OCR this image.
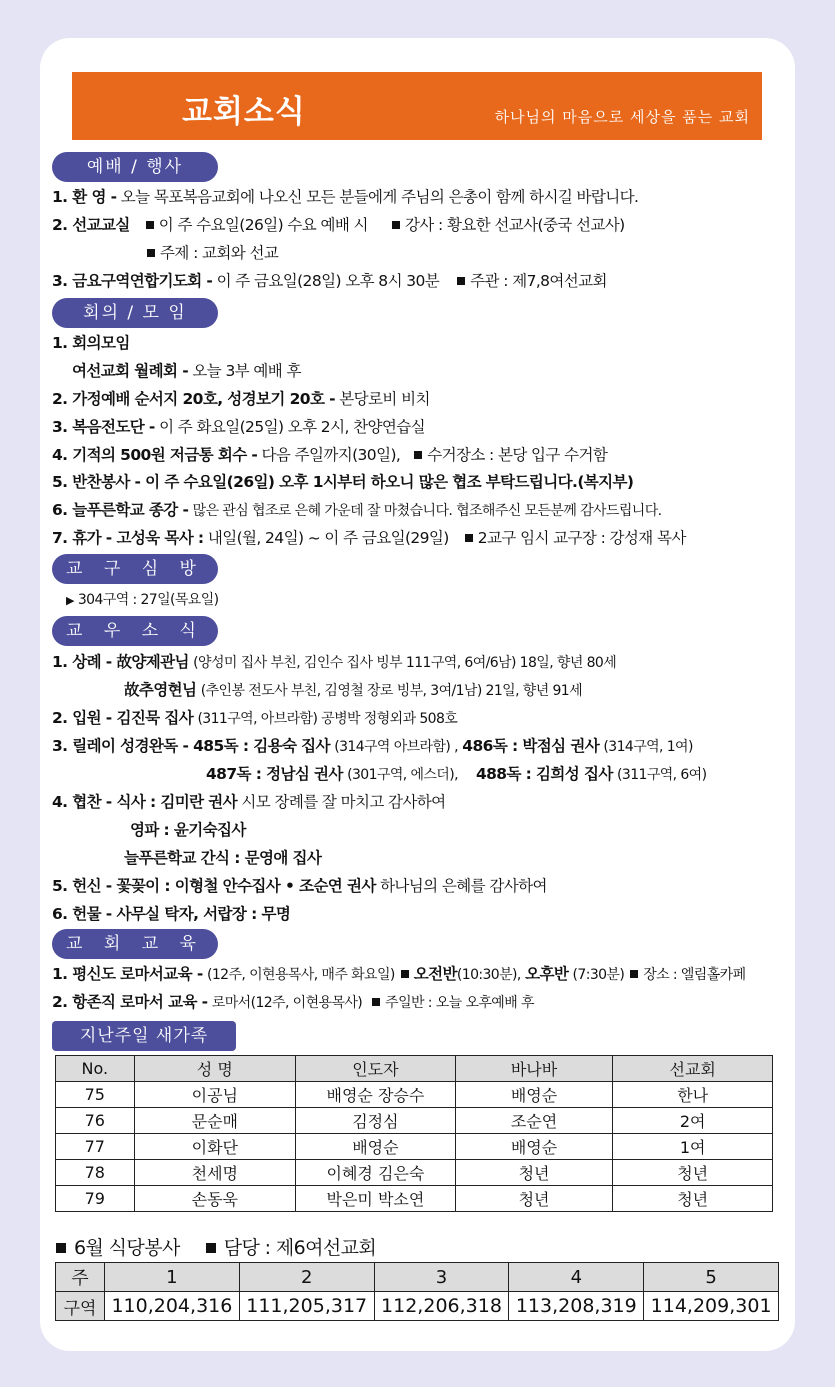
교회소식	하나님의 마음으로 세상을 품는 교회
예배 / 행사
1. 환 영 - 오늘 목포복음교회에 나오신 모든 분들에게 주님의 은총이 함께 하시길 바랍니다.
2. 선교교실 이 주 수요일(26일) 수요 예배 시 강사 : 황요한 선교사(중국 선교사)
주제 : 교회와 선교
3. 금요구역연합기도회 - 이 주 금요일(28일) 오후 8시 30분 주관 : 제7,8여선교회
회의 / 모 임
1. 회의모임
여선교회 월례회 - 오늘 3부 예배 후
2. 가정예배 순서지 20호, 성경보기 20호 - 본당로비 비치
3. 복음전도단 - 이 주 화요일(25일) 오후 2시, 찬양연습실
4. 기적의 500원 저금통 회수 - 다음 주일까지(30일), 수거장소 : 본당 입구 수거함
5. 반찬봉사 - 이 주 수요일(26일) 오후 1시부터 하오니 많은 협조 부탁드립니다.(복지부)
6. 늘푸른학교 종강 - 많은 관심 협조로 은혜 가운데 잘 마쳤습니다. 협조해주신 모든분께 감사드립니다.
7. 휴가 - 고성욱 목사 : 내일(월, 24일) ~ 이 주 금요일(29일) 2교구 임시 교구장 : 강성재 목사
교 구 심 방
▶ 304구역 : 27일(목요일)
교 우 소 식
1. 상례 - 故양제관님 (양성미 집사 부친, 김인수 집사 빙부 111구역, 6여/6남) 18일, 향년 80세
故추영현님 (추인봉 전도사 부친, 김영철 장로 빙부, 3여/1남) 21일, 향년 91세
2. 입원 - 김진묵 집사 (311구역, 아브라함) 공병박 정형외과 508호
3. 릴레이 성경완독 - 485독 : 김용숙 집사 (314구역 아브라함) , 486독 : 박점심 권사 (314구역, 1여)
487독 : 정남심 권사 (301구역, 에스더), 488독 : 김희성 집사 (311구역, 6여)
4. 협찬 - 식사 : 김미란 권사 시모 장례를 잘 마치고 감사하여
영파 : 윤기숙집사
늘푸른학교 간식 : 문영애 집사
5. 헌신 - 꽃꽂이 : 이형철 안수집사 • 조순연 권사 하나님의 은혜를 감사하여
6. 헌물 - 사무실 탁자, 서랍장 : 무명
교 회 교 육
1. 평신도 로마서교육 - (12주, 이현용목사, 매주 화요일) 오전반(10:30분), 오후반 (7:30분) 장소 : 엘림홀카페
2. 항존직 로마서 교육 - 로마서(12주, 이현용목사) 주일반 : 오늘 오후예배 후
지난주일 새가족
No.	성 명	인도자	바나바	선교회
75	이공님	배영순 장승수	배영순	한나
76	문순매	김정심	조순연	2여
77	이화단	배영순	배영순	1여
78	천세명	이혜경 김은숙	청년	청년
79	손동욱	박은미 박소연	청년	청년
6월 식당봉사 담당 : 제6여선교회
주	1	2	3	4	5
구역	110,204,316	111,205,317	112,206,318	113,208,319	114,209,301
